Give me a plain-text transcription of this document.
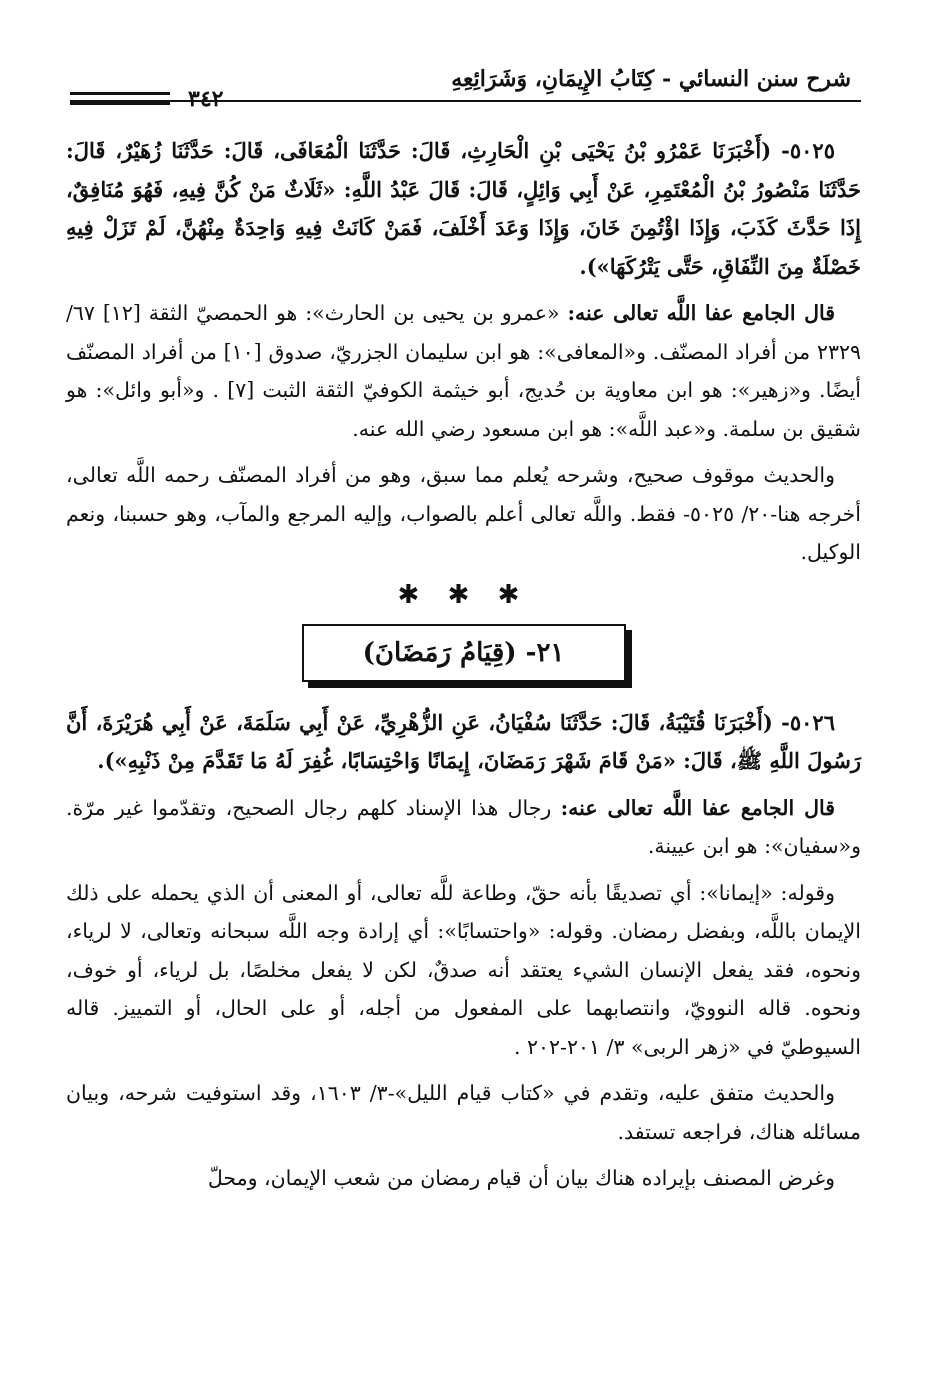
شرح سنن النسائي - كِتَابُ الإِيمَانِ، وَشَرَائِعِهِ
٣٤٢

٥٠٢٥- (أَخْبَرَنَا عَمْرُو بْنُ يَحْيَى بْنِ الْحَارِثِ، قَالَ: حَدَّثَنَا الْمُعَافَى، قَالَ: حَدَّثَنَا زُهَيْرٌ، قَالَ: حَدَّثَنَا مَنْصُورُ بْنُ الْمُعْتَمِرِ، عَنْ أَبِي وَائِلٍ، قَالَ: قَالَ عَبْدُ اللَّهِ: «ثَلَاثٌ مَنْ كُنَّ فِيهِ، فَهُوَ مُنَافِقٌ، إِذَا حَدَّثَ كَذَبَ، وَإِذَا اؤْتُمِنَ خَانَ، وَإِذَا وَعَدَ أَخْلَفَ، فَمَنْ كَانَتْ فِيهِ وَاحِدَةٌ مِنْهُنَّ، لَمْ تَزَلْ فِيهِ خَصْلَةٌ مِنَ النِّفَاقِ، حَتَّى يَتْرُكَهَا»).

قال الجامع عفا اللَّه تعالى عنه: «عمرو بن يحيى بن الحارث»: هو الحمصيّ الثقة [١٢] ٦٧/ ٢٣٢٩ من أفراد المصنّف. و«المعافى»: هو ابن سليمان الجزريّ، صدوق [١٠] من أفراد المصنّف أيضًا. و«زهير»: هو ابن معاوية بن حُديج، أبو خيثمة الكوفيّ الثقة الثبت [٧] . و«أبو وائل»: هو شقيق بن سلمة. و«عبد اللَّه»: هو ابن مسعود رضي الله عنه.

والحديث موقوف صحيح، وشرحه يُعلم مما سبق، وهو من أفراد المصنّف رحمه اللَّه تعالى، أخرجه هنا-٢٠/ ٥٠٢٥- فقط. واللَّه تعالى أعلم بالصواب، وإليه المرجع والمآب، وهو حسبنا، ونعم الوكيل.

✱ ✱ ✱
٢١- (قِيَامُ رَمَضَانَ)

٥٠٢٦- (أَخْبَرَنَا قُتَيْبَةُ، قَالَ: حَدَّثَنَا سُفْيَانُ، عَنِ الزُّهْرِيِّ، عَنْ أَبِي سَلَمَةَ، عَنْ أَبِي هُرَيْرَةَ، أَنَّ رَسُولَ اللَّهِ ﷺ، قَالَ: «مَنْ قَامَ شَهْرَ رَمَضَانَ، إِيمَانًا وَاحْتِسَابًا، غُفِرَ لَهُ مَا تَقَدَّمَ مِنْ ذَنْبِهِ»).

قال الجامع عفا اللَّه تعالى عنه: رجال هذا الإسناد كلهم رجال الصحيح، وتقدّموا غير مرّة. و«سفيان»: هو ابن عيينة.

وقوله: «إيمانا»: أي تصديقًا بأنه حقّ، وطاعة للَّه تعالى، أو المعنى أن الذي يحمله على ذلك الإيمان باللَّه، وبفضل رمضان. وقوله: «واحتسابًا»: أي إرادة وجه اللَّه سبحانه وتعالى، لا لرياء، ونحوه، فقد يفعل الإنسان الشيء يعتقد أنه صدقٌ، لكن لا يفعل مخلصًا، بل لرياء، أو خوف، ونحوه. قاله النوويّ، وانتصابهما على المفعول من أجله، أو على الحال، أو التمييز. قاله السيوطيّ في «زهر الربى» ٣/ ٢٠١-٢٠٢ .

والحديث متفق عليه، وتقدم في «كتاب قيام الليل»-٣/ ١٦٠٣، وقد استوفيت شرحه، وبيان مسائله هناك، فراجعه تستفد.

وغرض المصنف بإيراده هناك بيان أن قيام رمضان من شعب الإيمان، ومحلّ
